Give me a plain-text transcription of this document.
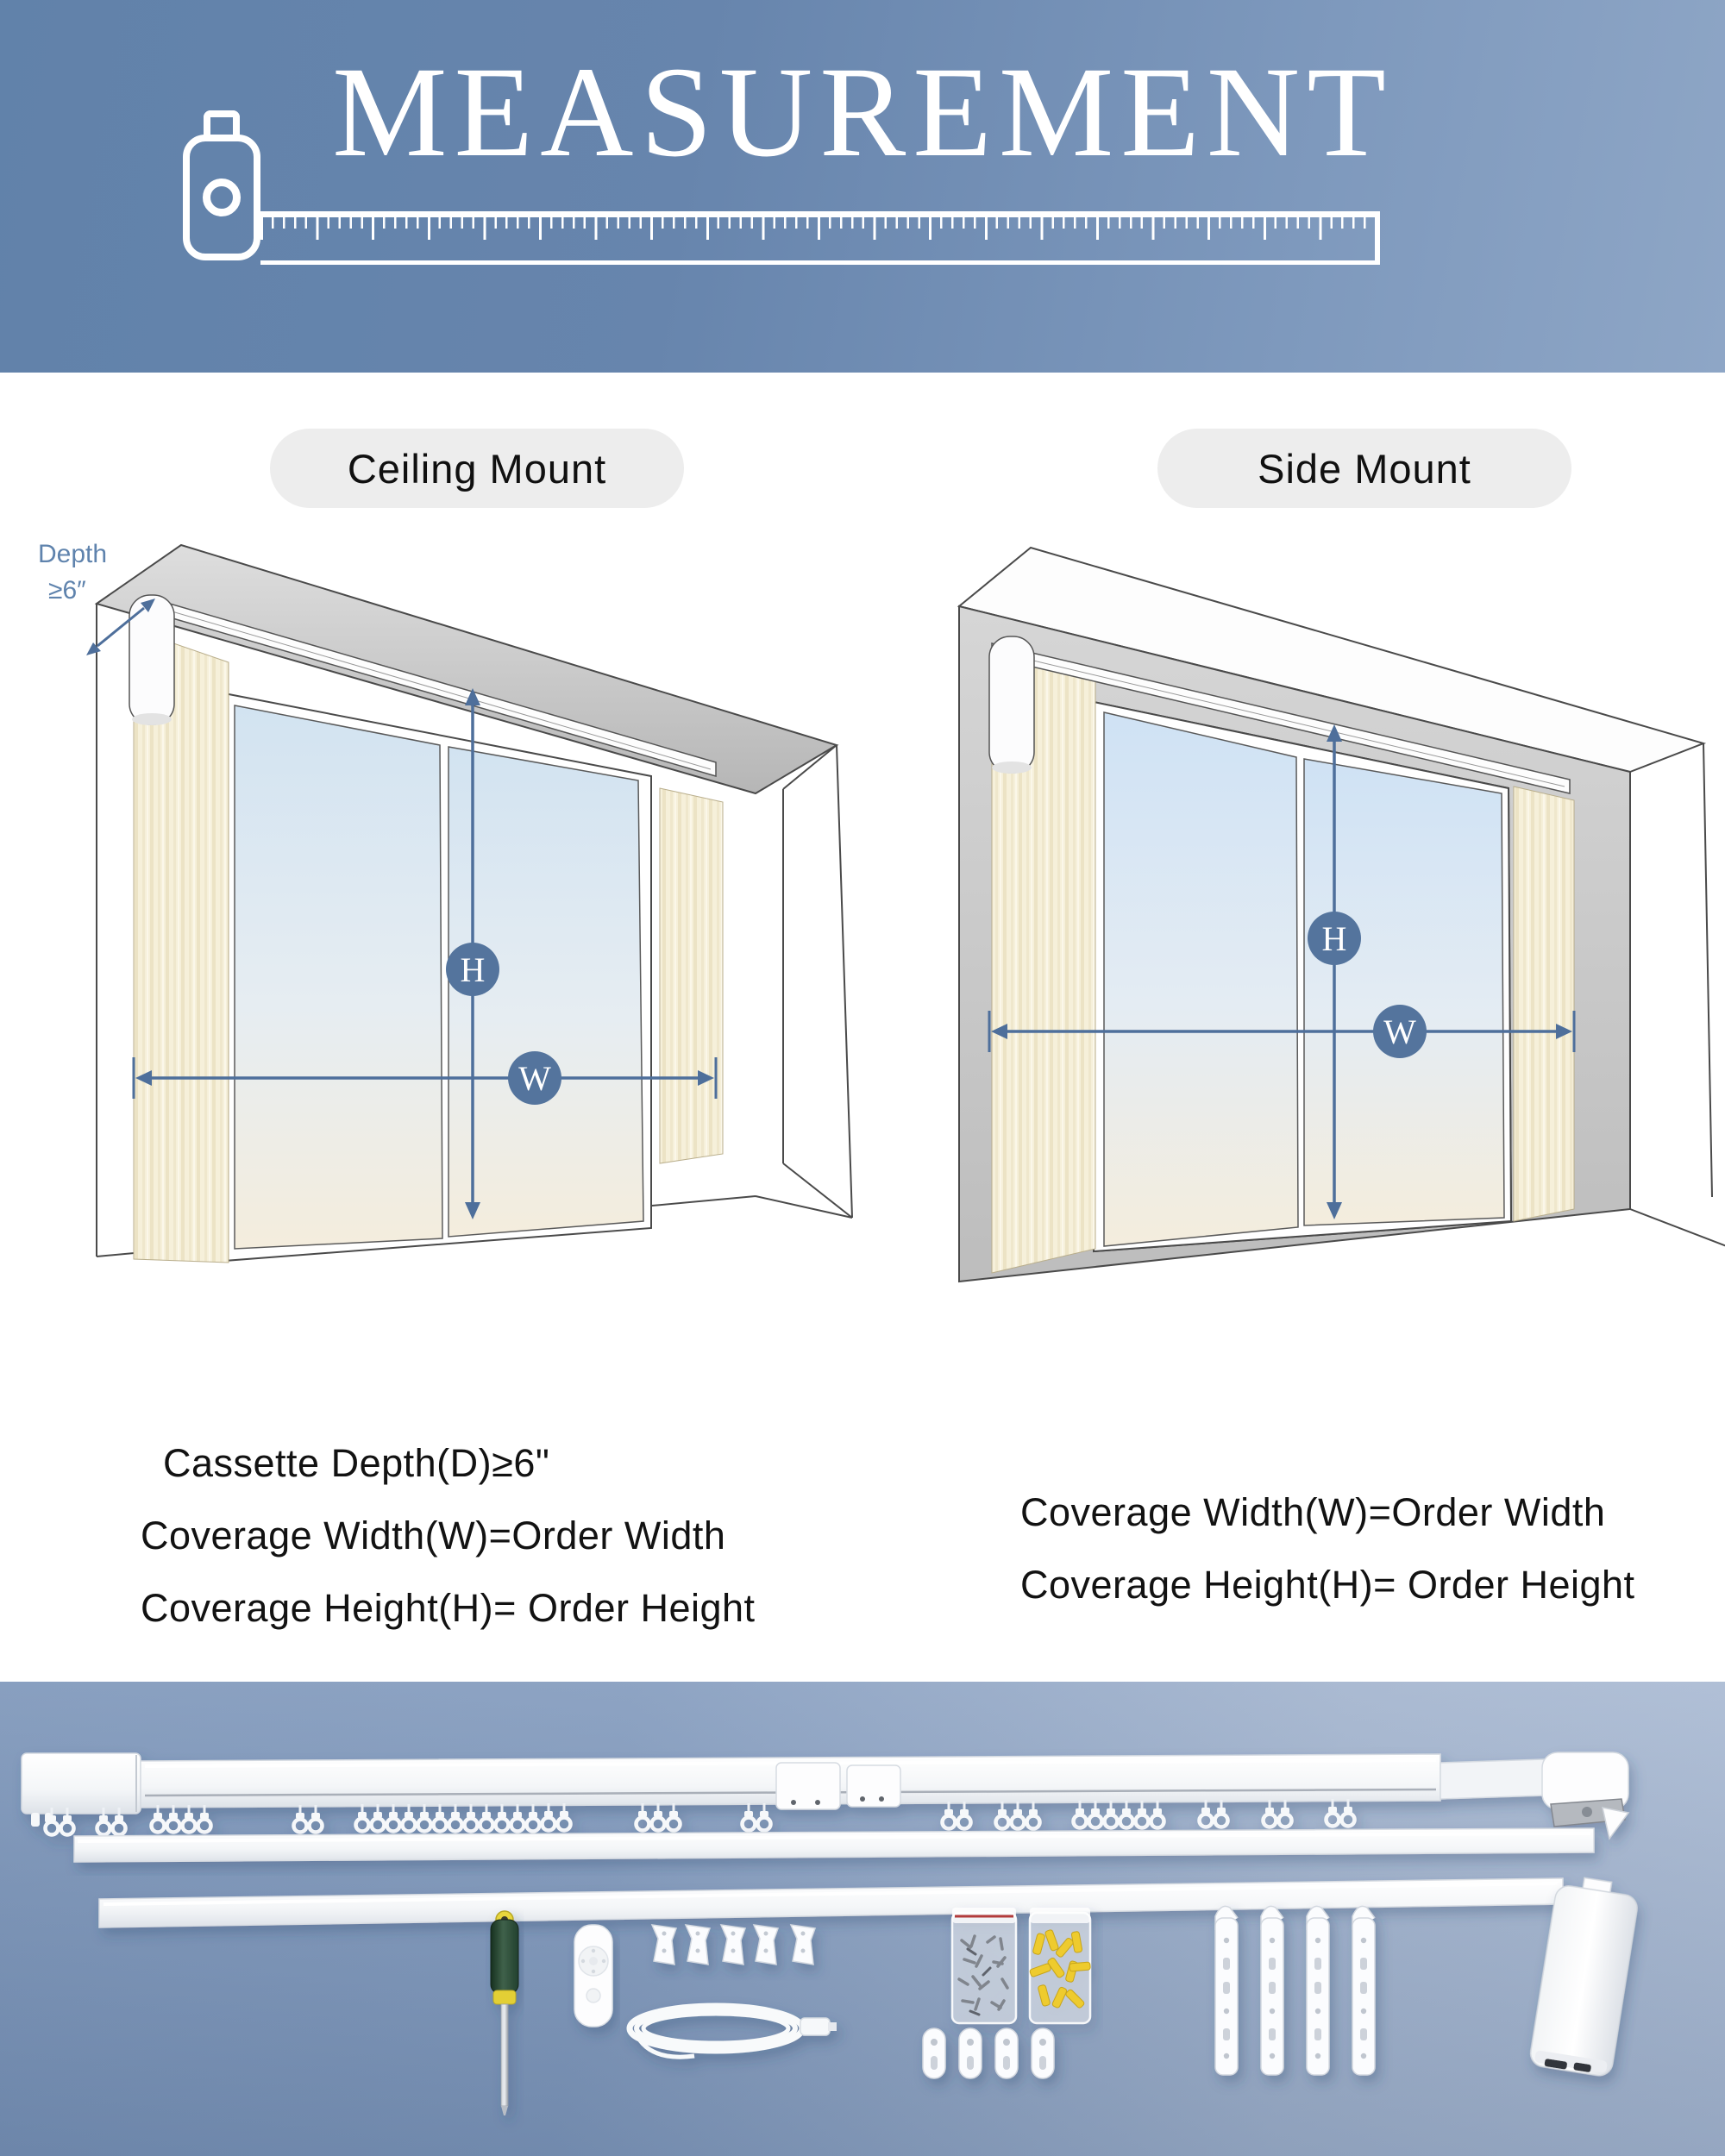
MEASUREMENT
Ceiling Mount	Side Mount
Depth
≥6″
H
W
H
W
Cassette Depth(D)≥6"
Coverage Width(W)=Order Width
Coverage Height(H)= Order Height
Coverage Width(W)=Order Width
Coverage Height(H)= Order Height
